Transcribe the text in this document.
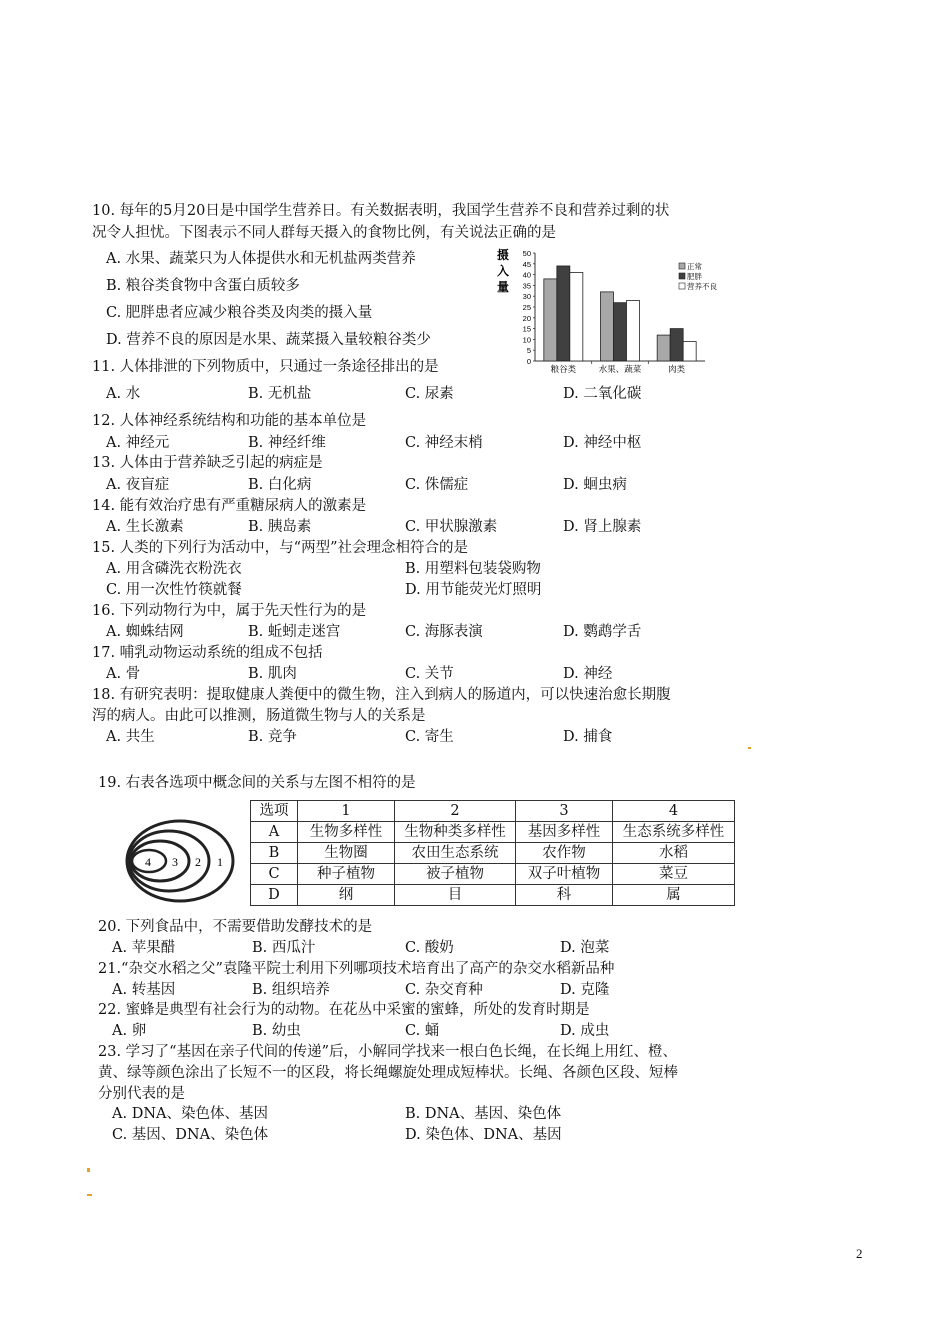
10. 每年的5月20日是中国学生营养日。有关数据表明，我国学生营养不良和营养过剩的状
况令人担忧。下图表示不同人群每天摄入的食物比例，有关说法正确的是
A. 水果、蔬菜只为人体提供水和无机盐两类营养
B. 粮谷类食物中含蛋白质较多
C. 肥胖患者应减少粮谷类及肉类的摄入量
D. 营养不良的原因是水果、蔬菜摄入量较粮谷类少
摄
入
量
0
5
10
15
20
25
30
35
40
45
50
粮谷类	水果、蔬菜	肉类
正常
肥胖
营养不良
11. 人体排泄的下列物质中，只通过一条途径排出的是
A. 水	B. 无机盐	C. 尿素	D. 二氧化碳
12. 人体神经系统结构和功能的基本单位是
A. 神经元	B. 神经纤维	C. 神经末梢	D. 神经中枢
13. 人体由于营养缺乏引起的病症是
A. 夜盲症	B. 白化病	C. 侏儒症	D. 蛔虫病
14. 能有效治疗患有严重糖尿病人的激素是
A. 生长激素	B. 胰岛素	C. 甲状腺激素	D. 肾上腺素
15. 人类的下列行为活动中，与“两型”社会理念相符合的是
A. 用含磷洗衣粉洗衣	B. 用塑料包装袋购物
C. 用一次性竹筷就餐	D. 用节能荧光灯照明
16. 下列动物行为中，属于先天性行为的是
A. 蜘蛛结网	B. 蚯蚓走迷宫	C. 海豚表演	D. 鹦鹉学舌
17. 哺乳动物运动系统的组成不包括
A. 骨	B. 肌肉	C. 关节	D. 神经
18. 有研究表明：提取健康人粪便中的微生物，注入到病人的肠道内，可以快速治愈长期腹
泻的病人。由此可以推测，肠道微生物与人的关系是
A. 共生	B. 竞争	C. 寄生	D. 捕食
19. 右表各选项中概念间的关系与左图不相符的是
4 3 2 1
选项	1	2	3	4
A	生物多样性	生物种类多样性	基因多样性	生态系统多样性
B	生物圈	农田生态系统	农作物	水稻
C	种子植物	被子植物	双子叶植物	菜豆
D	纲	目	科	属
20. 下列食品中，不需要借助发酵技术的是
A. 苹果醋	B. 西瓜汁	C. 酸奶	D. 泡菜
21.“杂交水稻之父”袁隆平院士利用下列哪项技术培育出了高产的杂交水稻新品种
A. 转基因	B. 组织培养	C. 杂交育种	D. 克隆
22. 蜜蜂是典型有社会行为的动物。在花丛中采蜜的蜜蜂，所处的发育时期是
A. 卵	B. 幼虫	C. 蛹	D. 成虫
23. 学习了“基因在亲子代间的传递”后，小解同学找来一根白色长绳，在长绳上用红、橙、
黄、绿等颜色涂出了长短不一的区段，将长绳螺旋处理成短棒状。长绳、各颜色区段、短棒
分别代表的是
A. DNA、染色体、基因	B. DNA、基因、染色体
C. 基因、DNA、染色体	D. 染色体、DNA、基因
2
